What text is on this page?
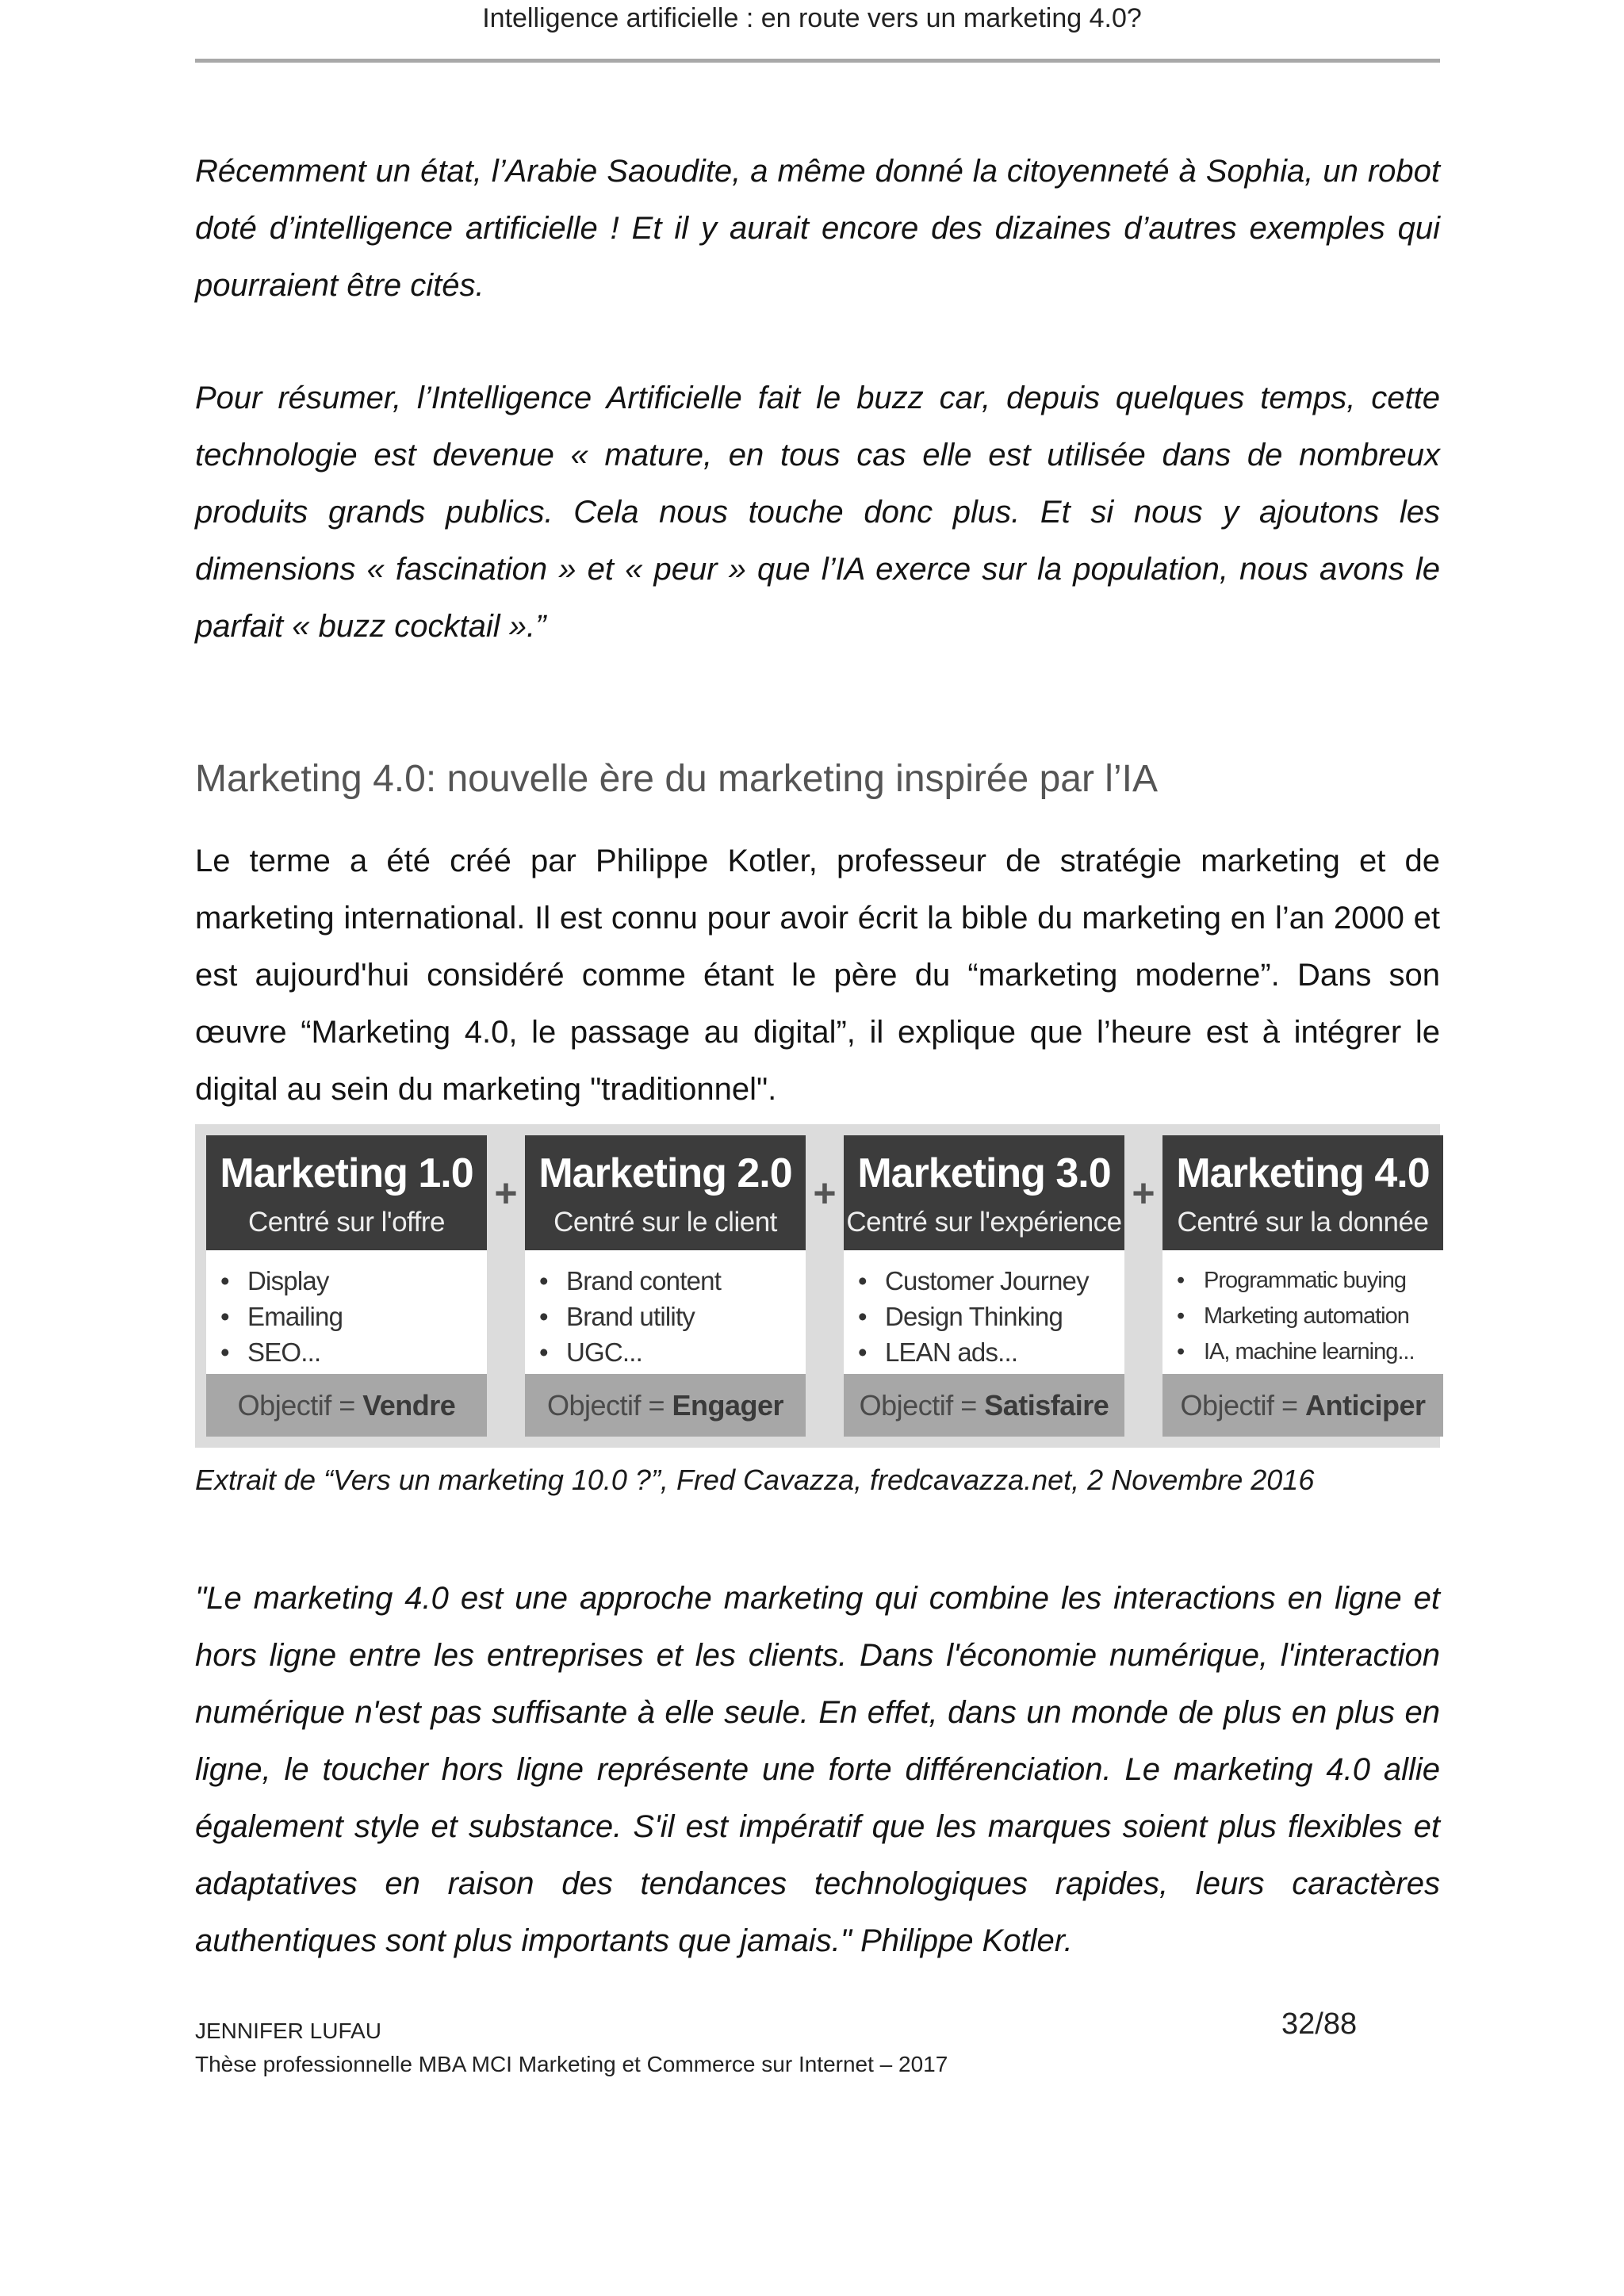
Intelligence artificielle : en route vers un marketing 4.0?

Récemment un état, l’Arabie Saoudite, a même donné la citoyenneté à Sophia, un robot doté d’intelligence artificielle ! Et il y aurait encore des dizaines d’autres exemples qui pourraient être cités.

Pour résumer, l’Intelligence Artificielle fait le buzz car, depuis quelques temps, cette technologie est devenue « mature, en tous cas elle est utilisée dans de nombreux produits grands publics. Cela nous touche donc plus. Et si nous y ajoutons les dimensions « fascination » et « peur » que l’IA exerce sur la population, nous avons le parfait « buzz cocktail ».”

Marketing 4.0: nouvelle ère du marketing inspirée par l’IA

Le terme a été créé par Philippe Kotler, professeur de stratégie marketing et de marketing international. Il est connu pour avoir écrit la bible du marketing en l’an 2000 et est aujourd'hui considéré comme étant le père du “marketing moderne”. Dans son œuvre “Marketing 4.0, le passage au digital”, il explique que l’heure est à intégrer le digital au sein du marketing "traditionnel".

Marketing 1.0
Centré sur l'offre
• Display
• Emailing
• SEO...
Objectif = Vendre
+ Marketing 2.0
Centré sur le client
• Brand content
• Brand utility
• UGC...
Objectif = Engager
+ Marketing 3.0
Centré sur l'expérience
• Customer Journey
• Design Thinking
• LEAN ads...
Objectif = Satisfaire
+ Marketing 4.0
Centré sur la donnée
• Programmatic buying
• Marketing automation
• IA, machine learning...
Objectif = Anticiper

Extrait de “Vers un marketing 10.0 ?”, Fred Cavazza, fredcavazza.net, 2 Novembre 2016

"Le marketing 4.0 est une approche marketing qui combine les interactions en ligne et hors ligne entre les entreprises et les clients. Dans l'économie numérique, l'interaction numérique n'est pas suffisante à elle seule. En effet, dans un monde de plus en plus en ligne, le toucher hors ligne représente une forte différenciation. Le marketing 4.0 allie également style et substance. S'il est impératif que les marques soient plus flexibles et adaptatives en raison des tendances technologiques rapides, leurs caractères authentiques sont plus importants que jamais." Philippe Kotler.

JENNIFER LUFAU	32/88
Thèse professionnelle MBA MCI Marketing et Commerce sur Internet – 2017
